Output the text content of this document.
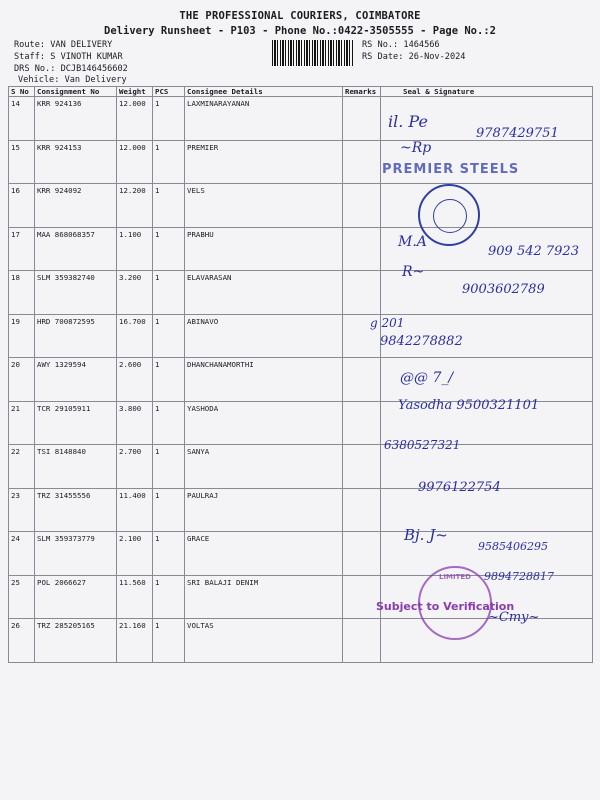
THE PROFESSIONAL COURIERS, COIMBATORE
Delivery Runsheet - P103 - Phone No.:0422-3505555 - Page No.:2
Route: VAN DELIVERY
Staff: S VINOTH KUMAR
DRS No.: DCJB146456602
Vehicle: Van Delivery
RS No.: 1464566
RS Date: 26-Nov-2024
S No	Consignment No	Weight	PCS	Consignee Details	Remarks	Seal & Signature
14	KRR 924136	12.000	1	LAXMINARAYANAN		
15	KRR 924153	12.000	1	PREMIER		
16	KRR 924092	12.200	1	VELS		
17	MAA 868068357	1.100	1	PRABHU		
18	SLM 359382740	3.200	1	ELAVARASAN		
19	HRD 700872595	16.700	1	ABINAVO		
20	AWY 1329594	2.600	1	DHANCHANAMORTHI		
21	TCR 29105911	3.800	1	YASHODA		
22	TSI 8148840	2.700	1	SANYA		
23	TRZ 31455556	11.400	1	PAULRAJ		
24	SLM 359373779	2.100	1	GRACE		
25	POL 2066627	11.560	1	SRI BALAJI DENIM		
26	TRZ 285205165	21.160	1	VOLTAS		
PREMIER STEELS
LIMITED
Subject to Verification
il. Pe
9787429751
~Rp
M.A
909 542 7923
R~
9003602789
g 201
9842278882
@@ 7_/
Yasodha 9500321101
6380527321
9976122754
Bj. J~
9585406295
9894728817
~Cmy~
